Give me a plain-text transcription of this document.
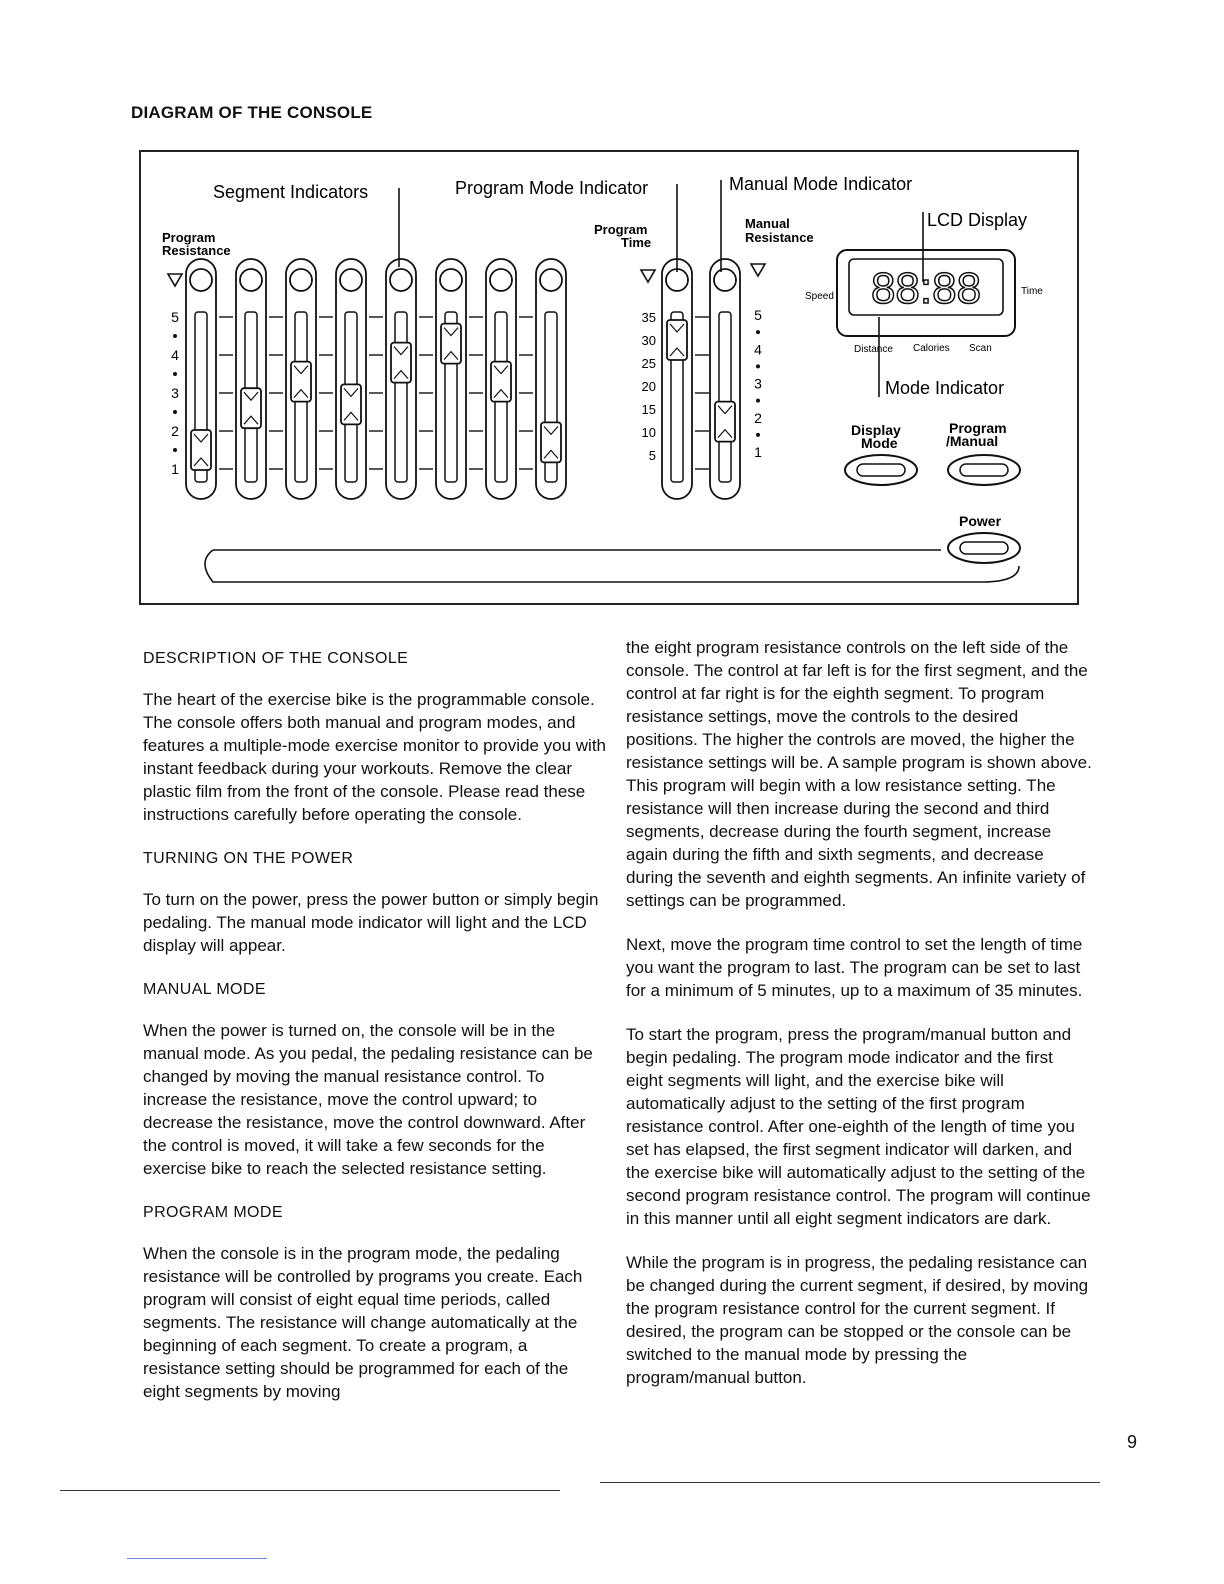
DIAGRAM OF THE CONSOLE
Segment Indicators	Program Mode Indicator	Manual Mode Indicator
LCD Display
Mode Indicator
Program
Resistance
Program
Time
Manual
Resistance
5
4
3
2
1
35
30
25
20
15
10
5
5
4
3
2
1
88:88
Speed	Time
Distance Calories Scan
Display
Mode
Program
/Manual
Power
DESCRIPTION OF THE CONSOLE

The heart of the exercise bike is the programmable console. The console offers both manual and program modes, and features a multiple-mode exercise monitor to provide you with instant feedback during your workouts. Remove the clear plastic film from the front of the console. Please read these instructions carefully before operating the console.

TURNING ON THE POWER

To turn on the power, press the power button or simply begin pedaling. The manual mode indicator will light and the LCD display will appear.

MANUAL MODE

When the power is turned on, the console will be in the manual mode. As you pedal, the pedaling resistance can be changed by moving the manual resistance control. To increase the resistance, move the control upward; to decrease the resistance, move the control downward. After the control is moved, it will take a few seconds for the exercise bike to reach the selected resistance setting.

PROGRAM MODE

When the console is in the program mode, the pedaling resistance will be controlled by programs you create. Each program will consist of eight equal time periods, called segments. The resistance will change automatically at the beginning of each segment. To create a program, a resistance setting should be programmed for each of the eight segments by moving

the eight program resistance controls on the left side of the console. The control at far left is for the first segment, and the control at far right is for the eighth segment. To program resistance settings, move the controls to the desired positions. The higher the controls are moved, the higher the resistance settings will be. A sample program is shown above. This program will begin with a low resistance setting. The resistance will then increase during the second and third segments, decrease during the fourth segment, increase again during the fifth and sixth segments, and decrease during the seventh and eighth segments. An infinite variety of settings can be programmed.

Next, move the program time control to set the length of time you want the program to last. The program can be set to last for a minimum of 5 minutes, up to a maximum of 35 minutes.

To start the program, press the program/manual button and begin pedaling. The program mode indicator and the first eight segments will light, and the exercise bike will automatically adjust to the setting of the first program resistance control. After one-eighth of the length of time you set has elapsed, the first segment indicator will darken, and the exercise bike will automatically adjust to the setting of the second program resistance control. The program will continue in this manner until all eight segment indicators are dark.

While the program is in progress, the pedaling resistance can be changed during the current segment, if desired, by moving the program resistance control for the current segment. If desired, the program can be stopped or the console can be switched to the manual mode by pressing the program/manual button.

9
